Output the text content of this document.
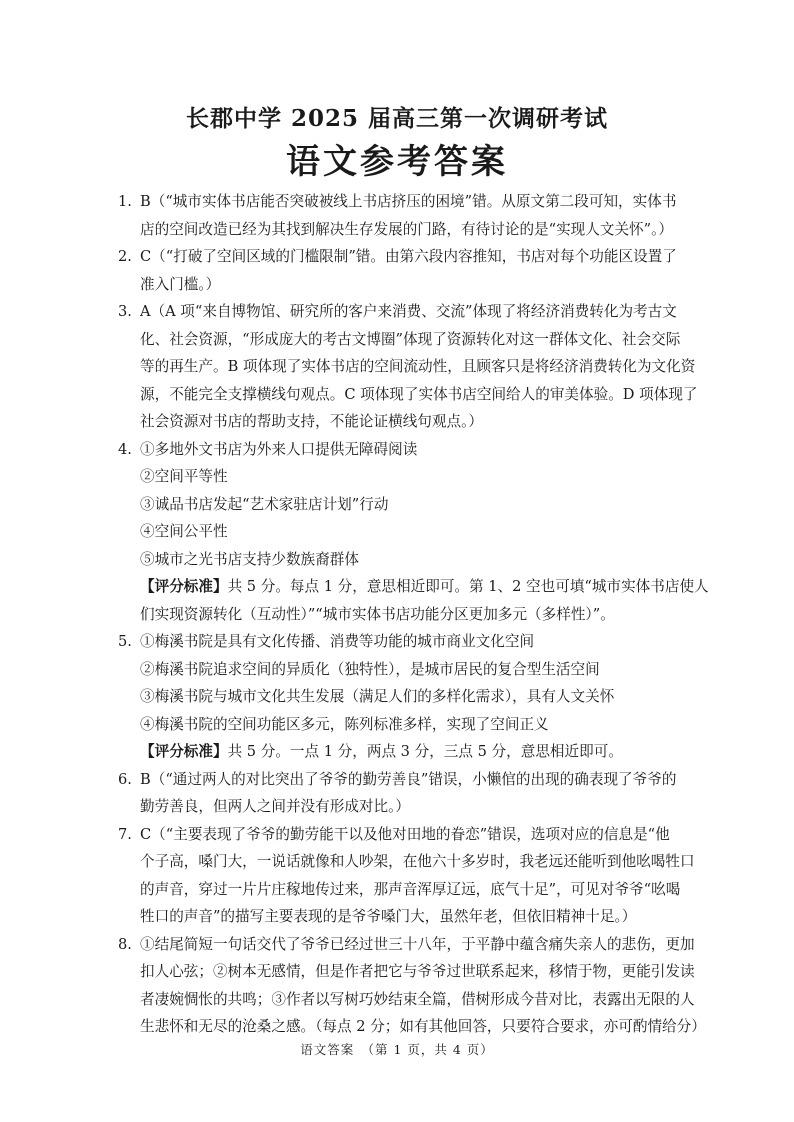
长郡中学 2025 届高三第一次调研考试
语文参考答案
1. B（“城市实体书店能否突破被线上书店挤压的困境”错。从原文第二段可知，实体书
店的空间改造已经为其找到解决生存发展的门路，有待讨论的是“实现人文关怀”。）
2. C（“打破了空间区域的门槛限制”错。由第六段内容推知，书店对每个功能区设置了
准入门槛。）
3. A（A 项“来自博物馆、研究所的客户来消费、交流”体现了将经济消费转化为考古文
化、社会资源，“形成庞大的考古文博圈”体现了资源转化对这一群体文化、社会交际
等的再生产。B 项体现了实体书店的空间流动性，且顾客只是将经济消费转化为文化资
源，不能完全支撑横线句观点。C 项体现了实体书店空间给人的审美体验。D 项体现了
社会资源对书店的帮助支持，不能论证横线句观点。）
4. ①多地外文书店为外来人口提供无障碍阅读
②空间平等性
③诚品书店发起“艺术家驻店计划”行动
④空间公平性
⑤城市之光书店支持少数族裔群体
【评分标准】共 5 分。每点 1 分，意思相近即可。第 1、2 空也可填“城市实体书店使人
们实现资源转化（互动性）”“城市实体书店功能分区更加多元（多样性）”。
5. ①梅溪书院是具有文化传播、消费等功能的城市商业文化空间
②梅溪书院追求空间的异质化（独特性），是城市居民的复合型生活空间
③梅溪书院与城市文化共生发展（满足人们的多样化需求），具有人文关怀
④梅溪书院的空间功能区多元，陈列标准多样，实现了空间正义
【评分标准】共 5 分。一点 1 分，两点 3 分，三点 5 分，意思相近即可。
6. B（“通过两人的对比突出了爷爷的勤劳善良”错误，小懒倌的出现的确表现了爷爷的
勤劳善良，但两人之间并没有形成对比。）
7. C（“主要表现了爷爷的勤劳能干以及他对田地的眷恋”错误，选项对应的信息是“他
个子高，嗓门大，一说话就像和人吵架，在他六十多岁时，我老远还能听到他吆喝牲口
的声音，穿过一片片庄稼地传过来，那声音浑厚辽远，底气十足”，可见对爷爷“吆喝
牲口的声音”的描写主要表现的是爷爷嗓门大，虽然年老，但依旧精神十足。）
8. ①结尾简短一句话交代了爷爷已经过世三十八年，于平静中蕴含痛失亲人的悲伤，更加
扣人心弦；②树本无感情，但是作者把它与爷爷过世联系起来，移情于物，更能引发读
者凄婉惆怅的共鸣；③作者以写树巧妙结束全篇，借树形成今昔对比，表露出无限的人
生悲怀和无尽的沧桑之感。（每点 2 分；如有其他回答，只要符合要求，亦可酌情给分）
语文答案　（第 1 页，共 4 页）
